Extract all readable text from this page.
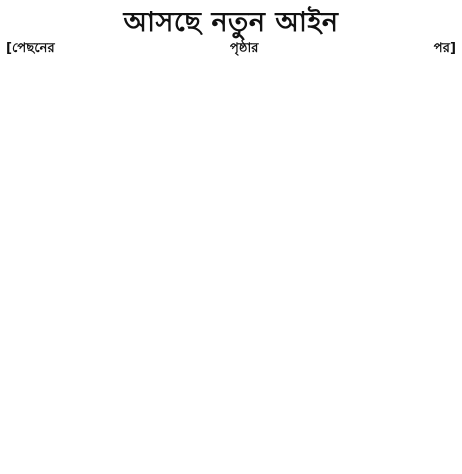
আসছে নতুন আইন
[পেছনের পৃষ্ঠার পর]
